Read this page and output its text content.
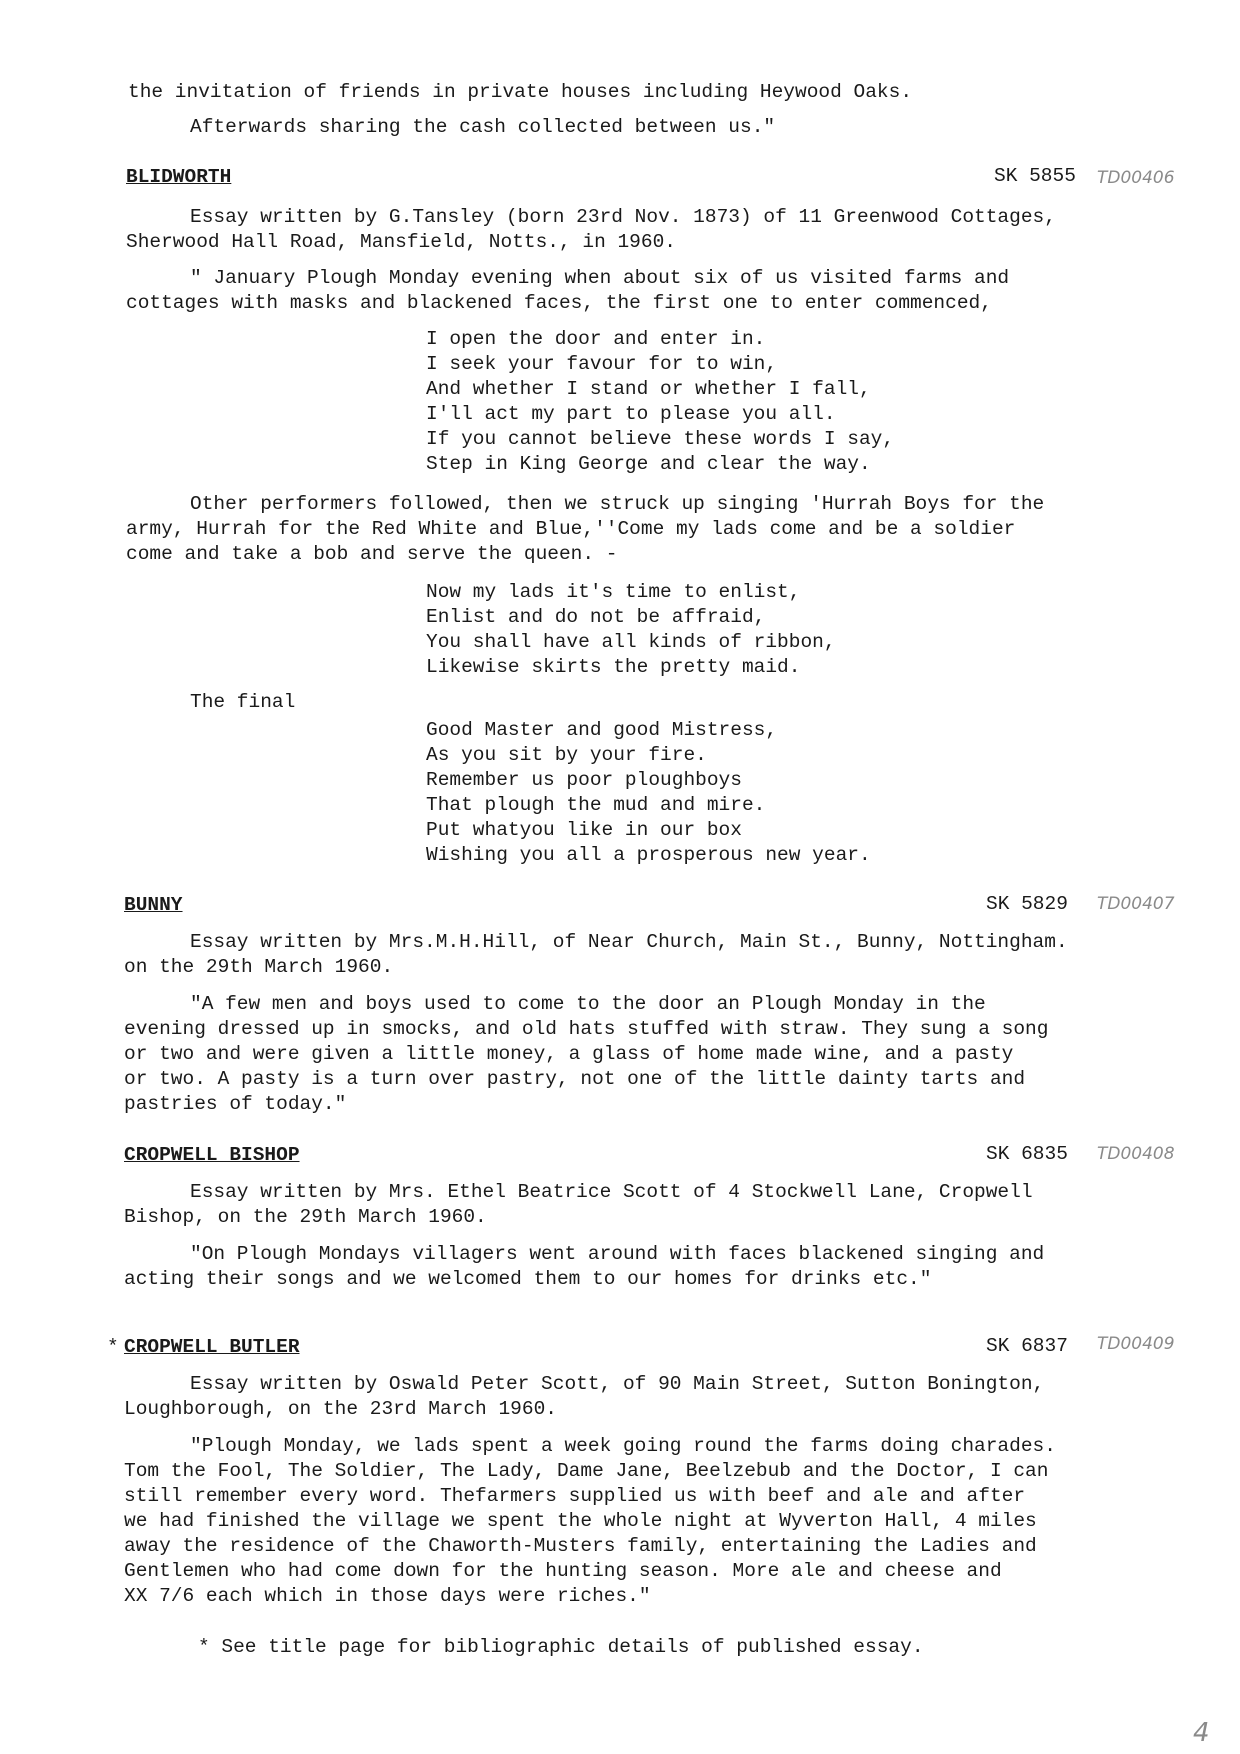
the invitation of friends in private houses including Heywood Oaks.
Afterwards sharing the cash collected between us."
BLIDWORTH	SK 5855 TD00406
Essay written by G.Tansley (born 23rd Nov. 1873) of 11 Greenwood Cottages,
Sherwood Hall Road, Mansfield, Notts., in 1960.
" January Plough Monday evening when about six of us visited farms and
cottages with masks and blackened faces, the first one to enter commenced,
I open the door and enter in.
I seek your favour for to win,
And whether I stand or whether I fall,
I'll act my part to please you all.
If you cannot believe these words I say,
Step in King George and clear the way.
Other performers followed, then we struck up singing 'Hurrah Boys for the
army, Hurrah for the Red White and Blue,''Come my lads come and be a soldier
come and take a bob and serve the queen. -
Now my lads it's time to enlist,
Enlist and do not be affraid,
You shall have all kinds of ribbon,
Likewise skirts the pretty maid.
The final
Good Master and good Mistress,
As you sit by your fire.
Remember us poor ploughboys
That plough the mud and mire.
Put whatyou like in our box
Wishing you all a prosperous new year.
BUNNY	SK 5829 TD00407
Essay written by Mrs.M.H.Hill, of Near Church, Main St., Bunny, Nottingham.
on the 29th March 1960.
"A few men and boys used to come to the door an Plough Monday in the
evening dressed up in smocks, and old hats stuffed with straw. They sung a song
or two and were given a little money, a glass of home made wine, and a pasty
or two. A pasty is a turn over pastry, not one of the little dainty tarts and
pastries of today."
CROPWELL BISHOP	SK 6835 TD00408
Essay written by Mrs. Ethel Beatrice Scott of 4 Stockwell Lane, Cropwell
Bishop, on the 29th March 1960.
"On Plough Mondays villagers went around with faces blackened singing and
acting their songs and we welcomed them to our homes for drinks etc."
* CROPWELL BUTLER	SK 6837 TD00409
Essay written by Oswald Peter Scott, of 90 Main Street, Sutton Bonington,
Loughborough, on the 23rd March 1960.
"Plough Monday, we lads spent a week going round the farms doing charades.
Tom the Fool, The Soldier, The Lady, Dame Jane, Beelzebub and the Doctor, I can
still remember every word. Thefarmers supplied us with beef and ale and after
we had finished the village we spent the whole night at Wyverton Hall, 4 miles
away the residence of the Chaworth-Musters family, entertaining the Ladies and
Gentlemen who had come down for the hunting season. More ale and cheese and
XX 7/6 each which in those days were riches."
* See title page for bibliographic details of published essay.
4
